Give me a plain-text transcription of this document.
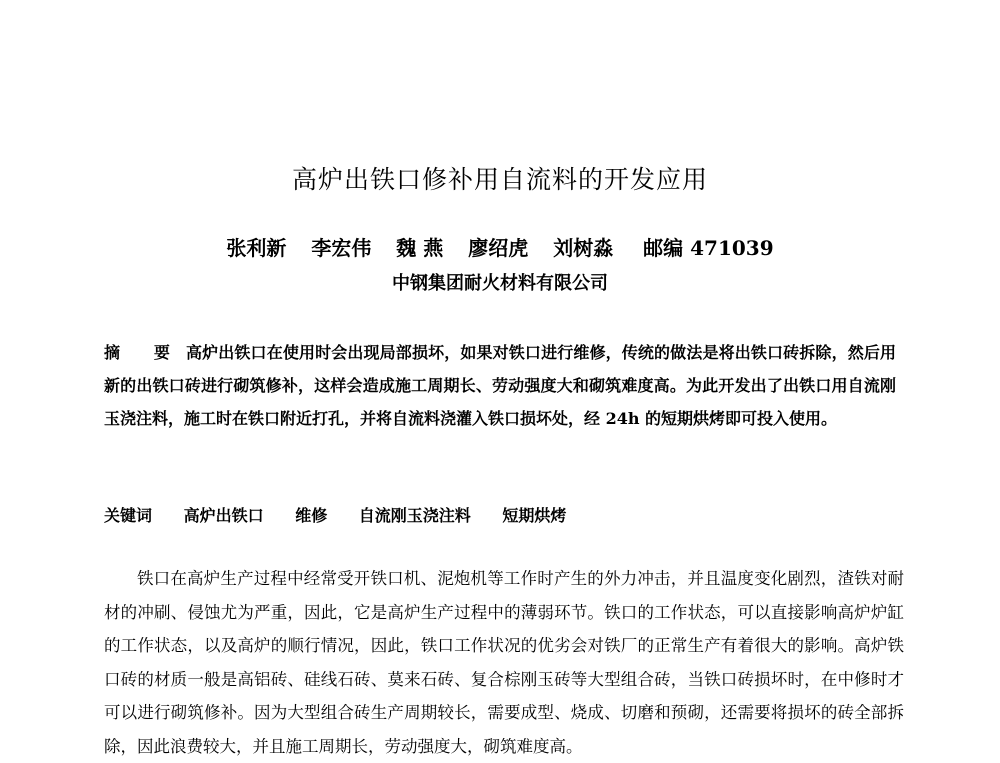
高炉出铁口修补用自流料的开发应用
张利新 李宏伟 魏 燕 廖绍虎 刘树淼 邮编 471039
中钢集团耐火材料有限公司

摘 要 高炉出铁口在使用时会出现局部损坏，如果对铁口进行维修，传统的做法是将出铁口砖拆除，然后用新的出铁口砖进行砌筑修补，这样会造成施工周期长、劳动强度大和砌筑难度高。为此开发出了出铁口用自流刚玉浇注料，施工时在铁口附近打孔，并将自流料浇灌入铁口损坏处，经 24h 的短期烘烤即可投入使用。

关键词 高炉出铁口 维修 自流刚玉浇注料 短期烘烤

铁口在高炉生产过程中经常受开铁口机、泥炮机等工作时产生的外力冲击，并且温度变化剧烈，渣铁对耐材的冲刷、侵蚀尤为严重，因此，它是高炉生产过程中的薄弱环节。铁口的工作状态，可以直接影响高炉炉缸的工作状态，以及高炉的顺行情况，因此，铁口工作状况的优劣会对铁厂的正常生产有着很大的影响。高炉铁口砖的材质一般是高铝砖、硅线石砖、莫来石砖、复合棕刚玉砖等大型组合砖，当铁口砖损坏时，在中修时才可以进行砌筑修补。因为大型组合砖生产周期较长，需要成型、烧成、切磨和预砌，还需要将损坏的砖全部拆除，因此浪费较大，并且施工周期长，劳动强度大，砌筑难度高。
